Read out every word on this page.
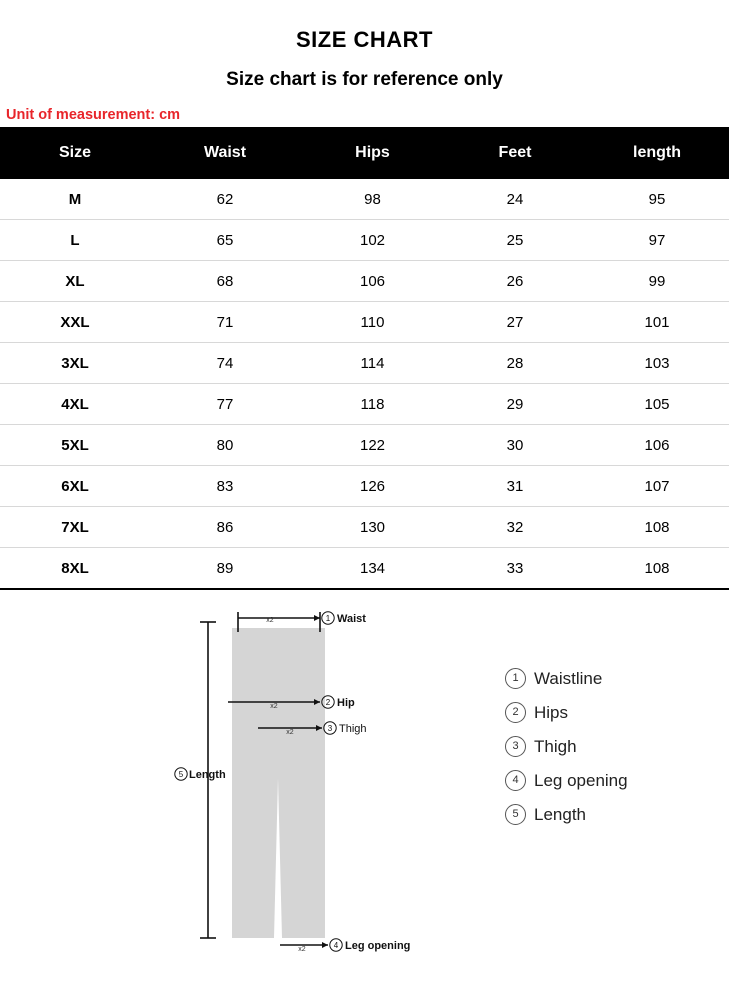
SIZE CHART
Size chart is for reference only
Unit of measurement: cm
Size	Waist	Hips	Feet	length
M	62	98	24	95
L	65	102	25	97
XL	68	106	26	99
XXL	71	110	27	101
3XL	74	114	28	103
4XL	77	118	29	105
5XL	80	122	30	106
6XL	83	126	31	107
7XL	86	130	32	108
8XL	89	134	33	108
x2	1 Waist
x2	2 Hip
x2	3 Thigh
5 Length
x2	4 Leg opening
1 Waistline
2 Hips
3 Thigh
4 Leg opening
5 Length
